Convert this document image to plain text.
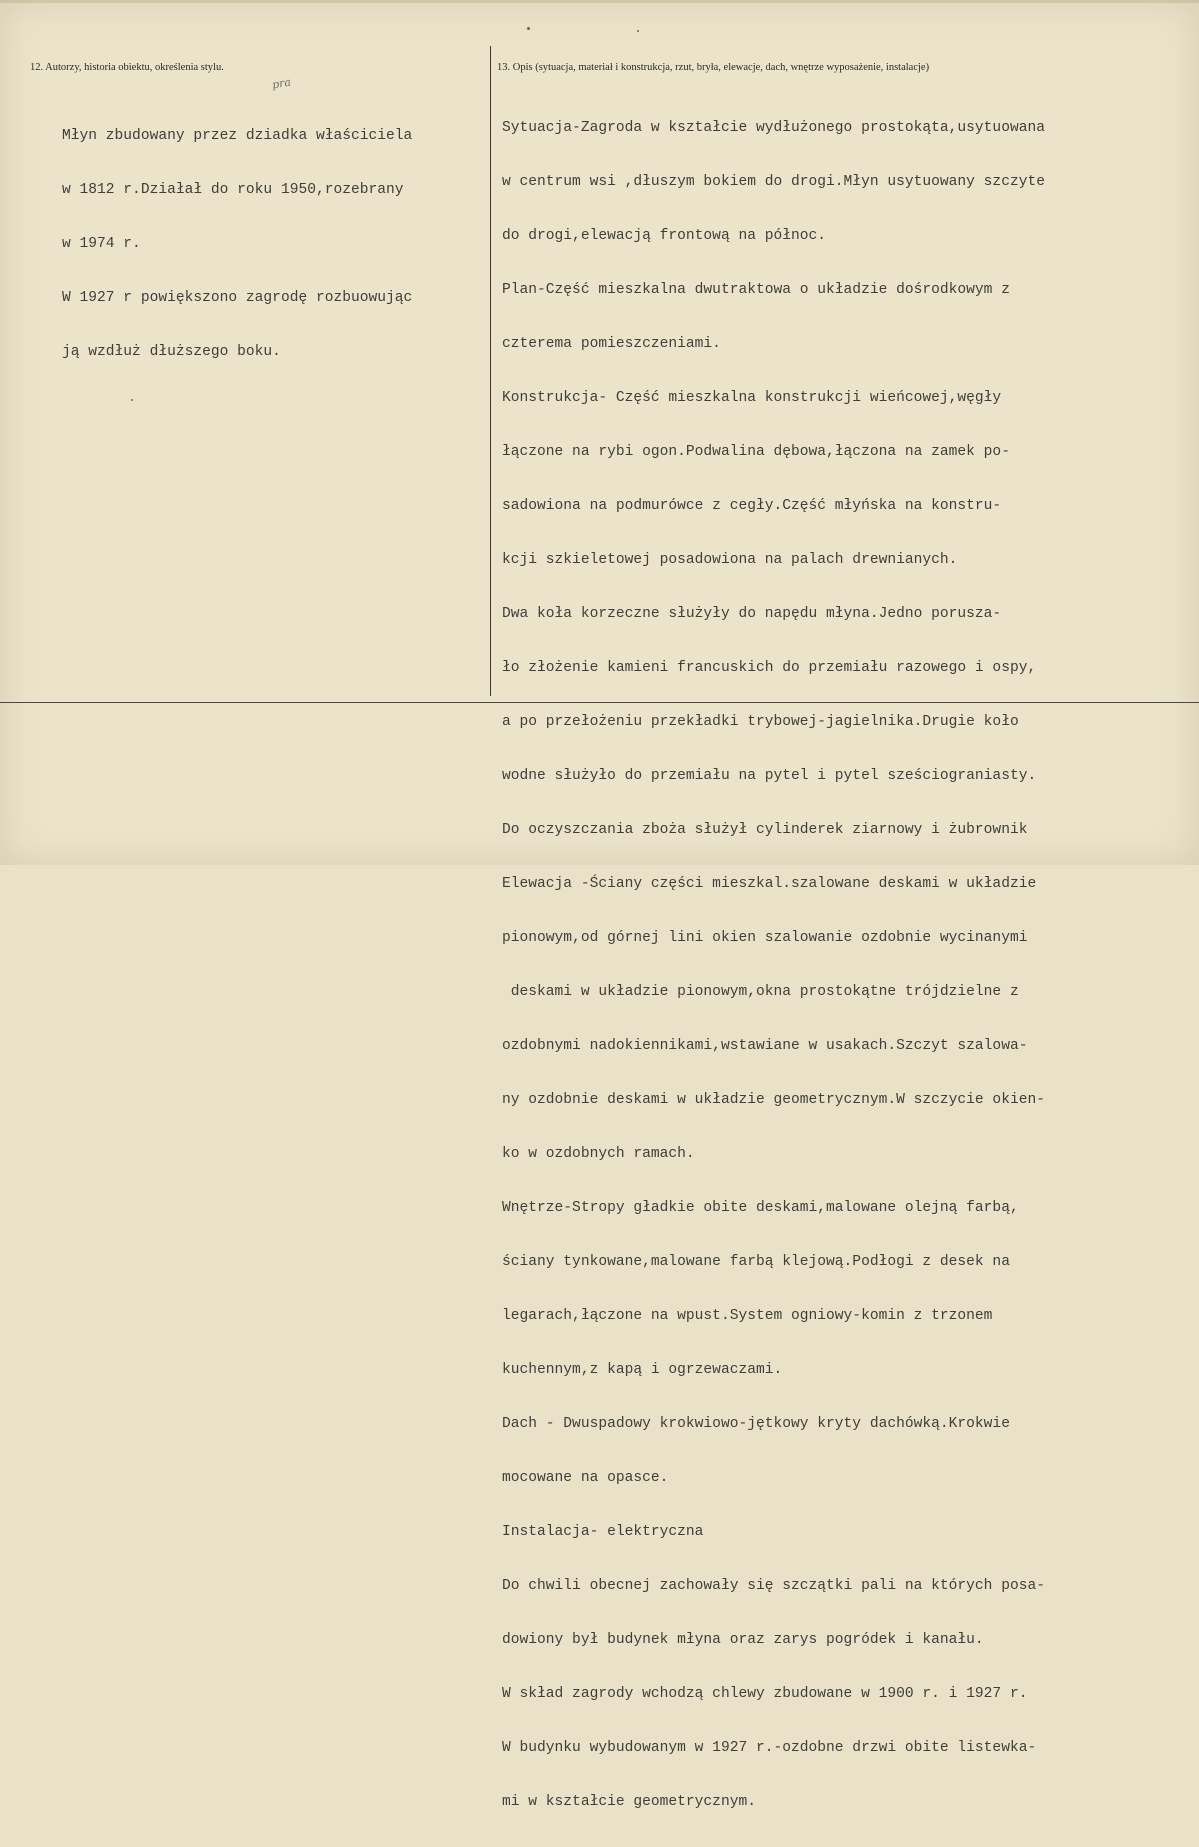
12. Autorzy, historia obiektu, określenia stylu.	13. Opis (sytuacja, materiał i konstrukcja, rzut, bryła, elewacje, dach, wnętrze wyposażenie, instalacje)
pra

Młyn zbudowany przez dziadka właściciela

w 1812 r.Działał do roku 1950,rozebrany

w 1974 r.

W 1927 r powiększono zagrodę rozbuowując

ją wzdłuż dłuższego boku.

Sytuacja-Zagroda w kształcie wydłużonego prostokąta,usytuowana

w centrum wsi ,dłuszym bokiem do drogi.Młyn usytuowany szczyte

do drogi,elewacją frontową na północ.

Plan-Część mieszkalna dwutraktowa o układzie dośrodkowym z

czterema pomieszczeniami.

Konstrukcja- Część mieszkalna konstrukcji wieńcowej,węgły

łączone na rybi ogon.Podwalina dębowa,łączona na zamek po-

sadowiona na podmurówce z cegły.Część młyńska na konstru-

kcji szkieletowej posadowiona na palach drewnianych.

Dwa koła korzeczne służyły do napędu młyna.Jedno porusza-

ło złożenie kamieni francuskich do przemiału razowego i ospy,

a po przełożeniu przekładki trybowej-jagielnika.Drugie koło

wodne służyło do przemiału na pytel i pytel sześciograniasty.

Do oczyszczania zboża służył cylinderek ziarnowy i żubrownik

Elewacja -Ściany części mieszkal.szalowane deskami w układzie

pionowym,od górnej lini okien szalowanie ozdobnie wycinanymi

deskami w układzie pionowym,okna prostokątne trójdzielne z

ozdobnymi nadokiennikami,wstawiane w usakach.Szczyt szalowa-

ny ozdobnie deskami w układzie geometrycznym.W szczycie okien-

ko w ozdobnych ramach.

Wnętrze-Stropy gładkie obite deskami,malowane olejną farbą,

ściany tynkowane,malowane farbą klejową.Podłogi z desek na

legarach,łączone na wpust.System ogniowy-komin z trzonem

kuchennym,z kapą i ogrzewaczami.

Dach - Dwuspadowy krokwiowo-jętkowy kryty dachówką.Krokwie

mocowane na opasce.

Instalacja- elektryczna

Do chwili obecnej zachowały się szczątki pali na których posa-

dowiony był budynek młyna oraz zarys pogródek i kanału.

W skład zagrody wchodzą chlewy zbudowane w 1900 r. i 1927 r.

W budynku wybudowanym w 1927 r.-ozdobne drzwi obite listewka-

mi w kształcie geometrycznym.
